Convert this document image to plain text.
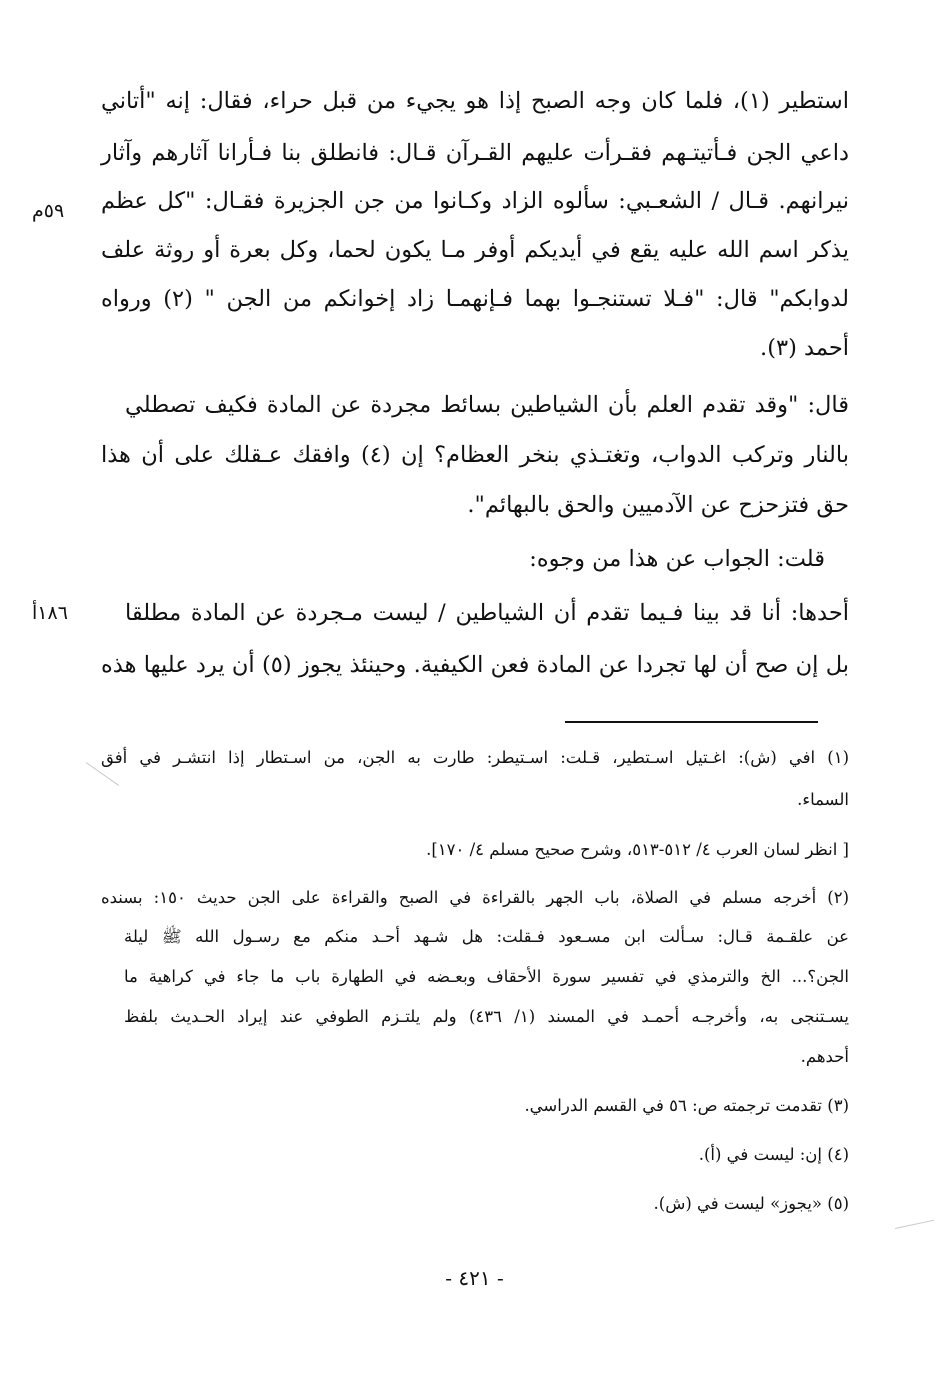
استطير (١)، فلما كان وجه الصبح إذا هو يجيء من قبل حراء، فقال: إنه "أتاني
داعي الجن فـأتيتـهم فقـرأت عليهم القـرآن قـال: فانطلق بنا فـأرانا آثارهم وآثار
نيرانهم. قـال / الشعـبي: سألوه الزاد وكـانوا من جن الجزيرة فقـال: "كل عظم
يذكر اسم الله عليه يقع في أيديكم أوفر مـا يكون لحما، وكل بعرة أو روثة علف
لدوابكم" قال: "فـلا تستنجـوا بهما فـإنهمـا زاد إخوانكم من الجن " (٢) ورواه
أحمد (٣).
قال: "وقد تقدم العلم بأن الشياطين بسائط مجردة عن المادة فكيف تصطلي
بالنار وتركب الدواب، وتغتـذي بنخر العظام؟ إن (٤) وافقك عـقلك على أن هذا
حق فتزحزح عن الآدميين والحق بالبهائم".
قلت: الجواب عن هذا من وجوه:
أحدها: أنا قد بينا فـيما تقدم أن الشياطين / ليست مـجردة عن المادة مطلقا
بل إن صح أن لها تجردا عن المادة فعن الكيفية. وحينئذ يجوز (٥) أن يرد عليها هذه
٥٩م
١٨٦أ
(١) افي (ش): اغـتيل اسـتطير، قـلت: اسـتيطر: طارت به الجن، من اسـتطار إذا انتشـر في أفق
السماء.
[ انظر لسان العرب ٤/ ٥١٢-٥١٣، وشرح صحيح مسلم ٤/ ١٧٠].
(٢) أخرجه مسلم في الصلاة، باب الجهر بالقراءة في الصبح والقراءة على الجن حديث ١٥٠: بسنده
عن علقـمة قـال: سـألت ابن مسـعود فـقلت: هل شـهد أحـد منكم مع رسـول الله ﷺ ليلة
الجن؟... الخ والترمذي في تفسير سورة الأحقاف وبعـضه في الطهارة باب ما جاء في كراهية ما
يسـتنجى به، وأخرجـه أحمـد في المسند (١/ ٤٣٦) ولم يلتـزم الطوفي عند إيراد الحـديث بلفظ
أحدهم.
(٣) تقدمت ترجمته ص: ٥٦ في القسم الدراسي.
(٤) إن: ليست في (أ).
(٥) «يجوز» ليست في (ش).
- ٤٢١ -
